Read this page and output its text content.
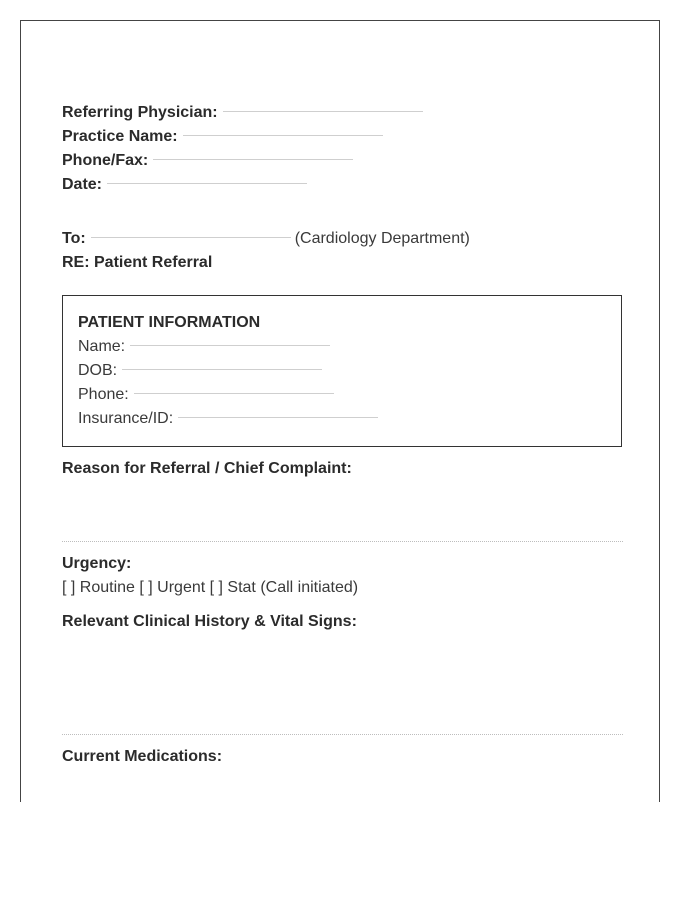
Referring Physician:
Practice Name:
Phone/Fax:
Date:
To:	(Cardiology Department)
RE: Patient Referral
PATIENT INFORMATION
Name:
DOB:
Phone:
Insurance/ID:
Reason for Referral / Chief Complaint:
Urgency:
[ ] Routine [ ] Urgent [ ] Stat (Call initiated)
Relevant Clinical History & Vital Signs:
Current Medications:
